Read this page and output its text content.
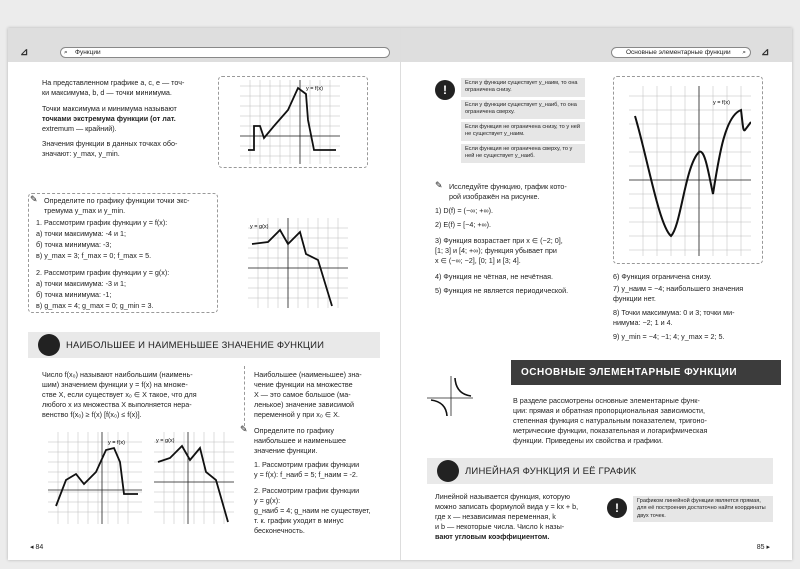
⊿	⌕ Функции

На представленном графике a, c, e — точ-

ки максимума, b, d — точки минимума.

Точки максимума и минимума называют

точками экстремума функции (от лат.

extremum — крайний).

Значения функции в данных точках обо-

значают: y_max, y_min.

y = f(x)
✎ Определите по графику функции точки экс-

тремума y_max и y_min.

1. Рассмотрим график функции y = f(x):

а) точки максимума: -4 и 1;

б) точка минимума: -3;

в) y_max = 3; f_max = 0; f_max = 5.

2. Рассмотрим график функции y = g(x):

а) точки максимума: -3 и 1;

б) точка минимума: -1;

в) g_max = 4; g_max = 0; g_min = 3.

y = g(x)
НАИБОЛЬШЕЕ И НАИМЕНЬШЕЕ ЗНАЧЕНИЕ ФУНКЦИИ

Число f(x₀) называют наибольшим (наимень-

шим) значением функции y = f(x) на множе-

стве X, если существует x₀ ∈ X такое, что для

любого x из множества X выполняется нера-

венство f(x₀) ≥ f(x) [f(x₀) ≤ f(x)].

Наибольшее (наименьшее) зна-

чение функции на множестве

X — это самое большое (ма-

ленькое) значение зависимой

переменной y при x₀ ∈ X.

✎ Определите по графику

наибольшее и наименьшее

значение функции.

1. Рассмотрим график функции

y = f(x): f_наиб = 5; f_наим = -2.

2. Рассмотрим график функции

y = g(x):

g_наиб = 4; g_наим не существует,

т. к. график уходит в минус

бесконечность.

y = f(x)	y = g(x)
◂ 84
⌕
Основные элементарные функции	⊿
!	Если у функции существует y_наим, то она ограничена снизу.
Если у функции существует y_наиб, то она ограничена сверху.
Если функция не ограничена снизу, то у ней не существует y_наим.
Если функция не ограничена сверху, то у ней не существует y_наиб.
y = f(x)
✎ Исследуйте функцию, график кото-

рой изображён на рисунке.

1) D(f) = (−∞; +∞).

2) E(f) = [−4; +∞).

3) Функция возрастает при x ∈ (−2; 0],

[1; 3] и [4; +∞); функция убывает при

x ∈ (−∞; −2], [0; 1] и [3; 4].

4) Функция не чётная, не нечётная.

5) Функция не является периодической.

6) Функция ограничена снизу.

7) y_наим = −4; наибольшего значения

функции нет.

8) Точки максимума: 0 и 3; точки ми-

нимума: −2; 1 и 4.

9) y_min = −4; −1; 4; y_max = 2; 5.

ОСНОВНЫЕ ЭЛЕМЕНТАРНЫЕ ФУНКЦИИ

В разделе рассмотрены основные элементарные функ-

ции: прямая и обратная пропорциональная зависимости,

степенная функция с натуральным показателем, тригоно-

метрические функции, показательная и логарифмическая

функции. Приведены их свойства и графики.

ЛИНЕЙНАЯ ФУНКЦИЯ И ЕЁ ГРАФИК

Линейной называется функция, которую

можно записать формулой вида y = kx + b,

где x — независимая переменная, k

и b — некоторые числа. Число k назы-

вают угловым коэффициентом.

!	Графиком линейной функции является прямая, для её построения достаточно найти координаты двух точек.
85 ▸
